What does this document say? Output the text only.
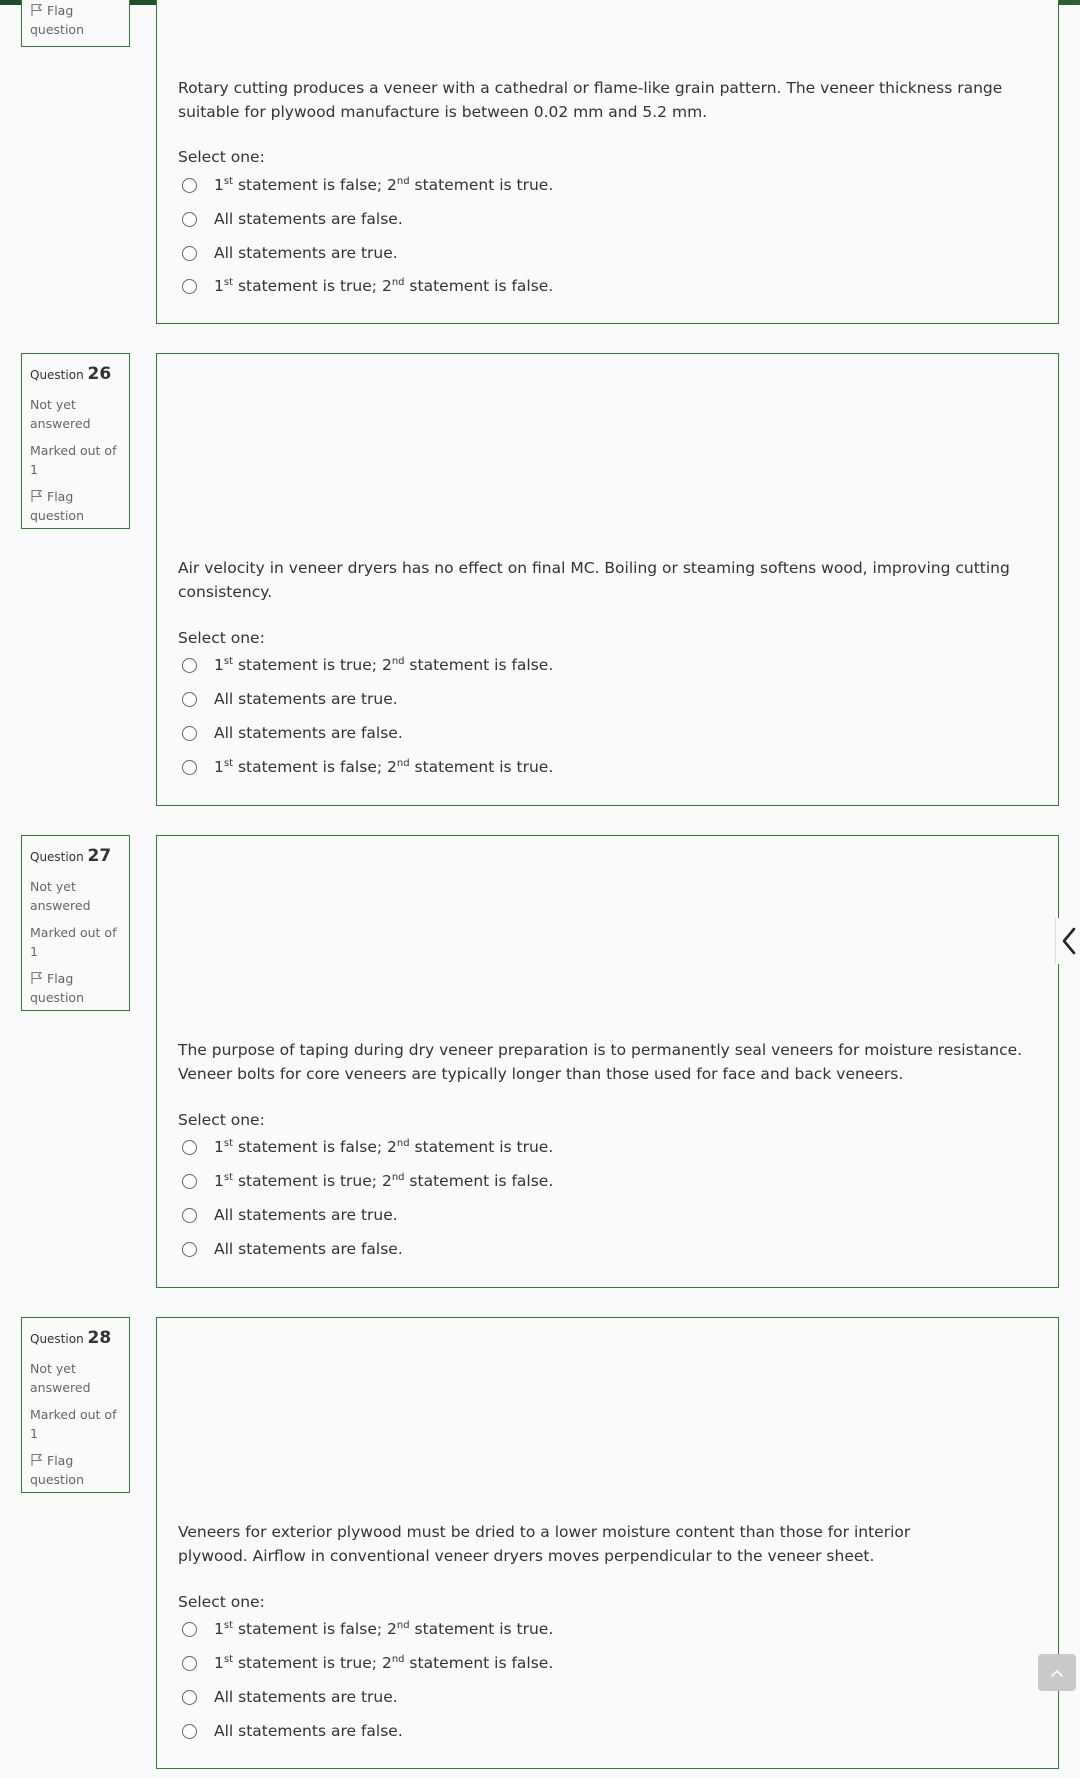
Flag question
Rotary cutting produces a veneer with a cathedral or flame-like grain pattern. The veneer thickness range suitable for plywood manufacture is between 0.02 mm and 5.2 mm.
Select one:
1st statement is false; 2nd statement is true.
All statements are false.
All statements are true.
1st statement is true; 2nd statement is false.
Question 26
Not yet answered
Marked out of 1
Flag question
Air velocity in veneer dryers has no effect on final MC. Boiling or steaming softens wood, improving cutting consistency.
Select one:
1st statement is true; 2nd statement is false.
All statements are true.
All statements are false.
1st statement is false; 2nd statement is true.
Question 27
Not yet answered
Marked out of 1
Flag question
The purpose of taping during dry veneer preparation is to permanently seal veneers for moisture resistance. Veneer bolts for core veneers are typically longer than those used for face and back veneers.
Select one:
1st statement is false; 2nd statement is true.
1st statement is true; 2nd statement is false.
All statements are true.
All statements are false.
Question 28
Not yet answered
Marked out of 1
Flag question
Veneers for exterior plywood must be dried to a lower moisture content than those for interior plywood. Airflow in conventional veneer dryers moves perpendicular to the veneer sheet.
Select one:
1st statement is false; 2nd statement is true.
1st statement is true; 2nd statement is false.
All statements are true.
All statements are false.
